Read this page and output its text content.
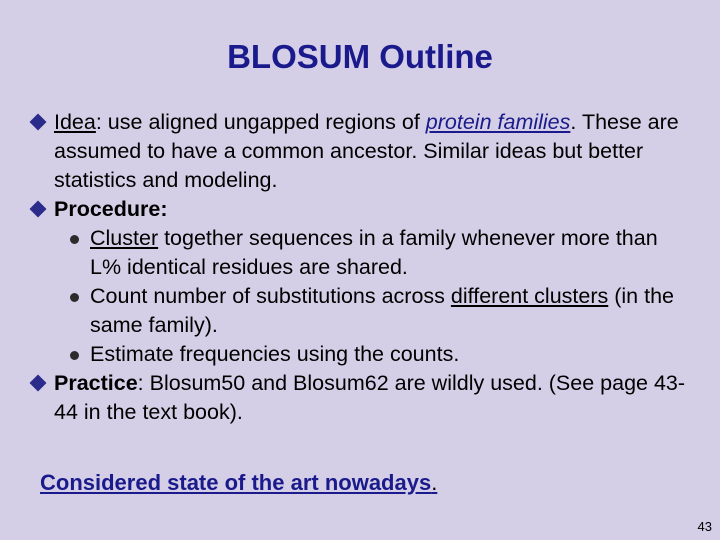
BLOSUM Outline

Idea: use aligned ungapped regions of protein families. These are assumed to have a common ancestor. Similar ideas but better statistics and modeling.

Procedure:

Cluster together sequences in a family whenever more than L% identical residues are shared.

Count number of substitutions across different clusters (in the same family).

Estimate frequencies using the counts.

Practice: Blosum50 and Blosum62 are wildly used. (See page 43-44 in the text book).

Considered state of the art nowadays.
43
